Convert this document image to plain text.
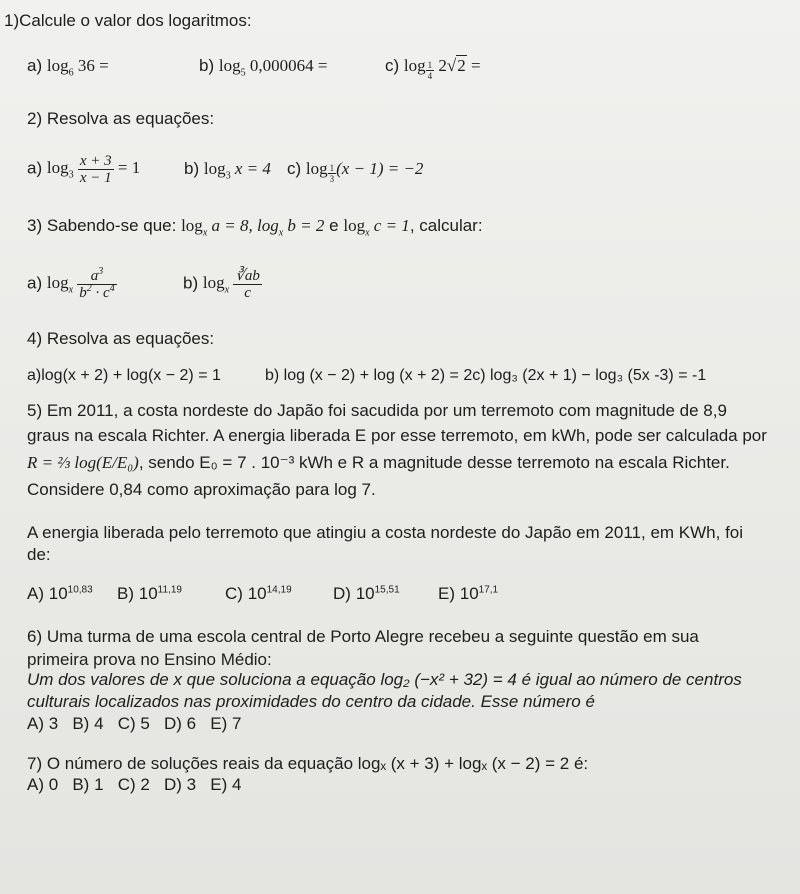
1)Calcule o valor dos logaritmos:
a) $\log_6 36$ =	b) $\log_5 0,000064$ =	c) $\log \frac{1}{4} 2√2$ =
2) Resolva as equações:
a) $\log_3 \frac{x + 3}{x - 1} = 1$	b) $\log_3 x = 4$ c) $\log \frac{1}{3} (x - 1) = -2$
3) Sabendo-se que: $\log_x a = 8$, $\log_x b = 2$ e $\log_x c = 1$, calcular:
a) $\log_x \frac{a^3}{b^2 \cdot c^4}$	b) $\log_x \frac{∛ab}{c}$
4) Resolva as equações:
a)log(x + 2) + log(x − 2) = 1	b) log (x − 2) + log (x + 2) = 2c) log₃ (2x + 1) − log₃ (5x -3) = -1
5) Em 2011, a costa nordeste do Japão foi sacudida por um terremoto com magnitude de 8,9
graus na escala Richter. A energia liberada E por esse terremoto, em kWh, pode ser calculada por
R = ⅔ log(E/E₀), sendo E₀ = 7 . 10⁻³ kWh e R a magnitude desse terremoto na escala Richter.
Considere 0,84 como aproximação para log 7.
A energia liberada pelo terremoto que atingiu a costa nordeste do Japão em 2011, em KWh, foi
de:
A) 10$^{10,83}$ B) 10$^{11,19}$	C) 10$^{14,19}$ D) 10$^{15,51}$ E) 10$^{17,1}$
6) Uma turma de uma escola central de Porto Alegre recebeu a seguinte questão em sua
primeira prova no Ensino Médio:
Um dos valores de x que soluciona a equação log₂ (−x² + 32) = 4 é igual ao número de centros
culturais localizados nas proximidades do centro da cidade. Esse número é
A) 3   B) 4   C) 5   D) 6   E) 7
7) O número de soluções reais da equação logₓ (x + 3) + logₓ (x − 2) = 2 é:
A) 0   B) 1   C) 2   D) 3   E) 4
